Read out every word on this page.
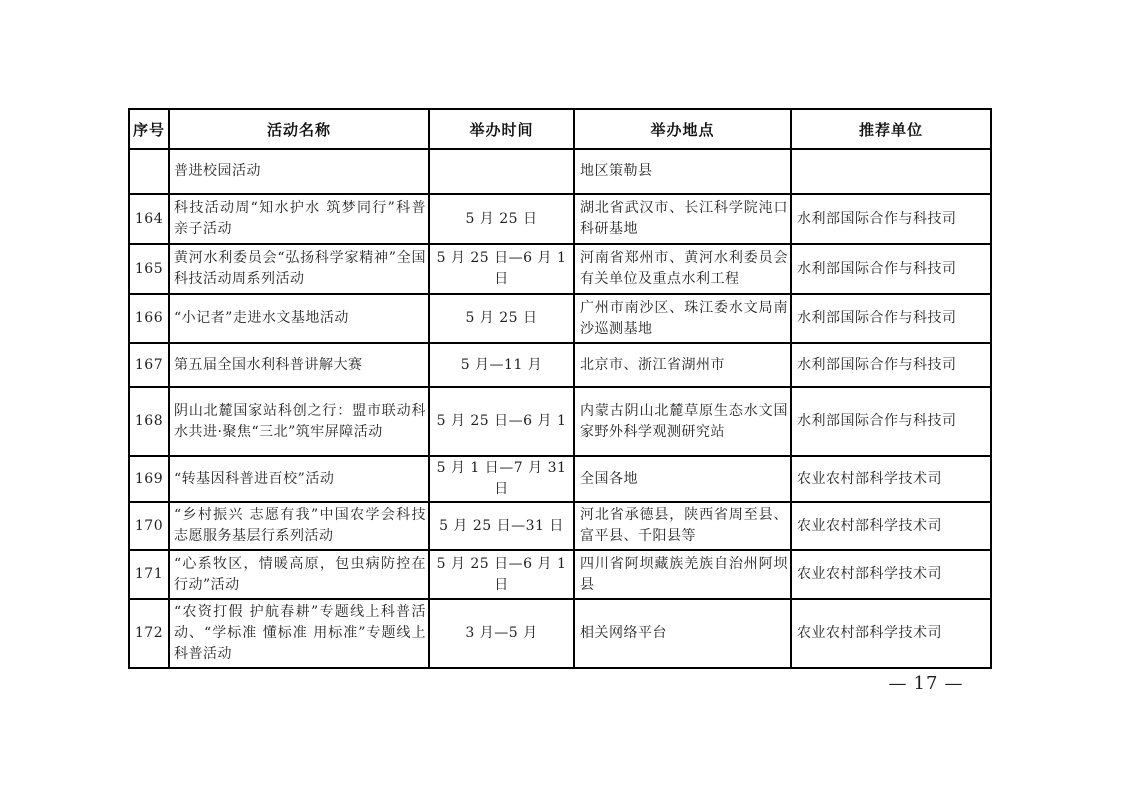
序号	活动名称	举办时间	举办地点	推荐单位
	普进校园活动		地区策勒县	
164	科技活动周“知水护水 筑梦同行”科普亲子活动	5 月 25 日	湖北省武汉市、长江科学院沌口科研基地	水利部国际合作与科技司
165	黄河水利委员会“弘扬科学家精神”全国科技活动周系列活动	5 月 25 日—6 月 1 日	河南省郑州市、黄河水利委员会有关单位及重点水利工程	水利部国际合作与科技司
166	“小记者”走进水文基地活动	5 月 25 日	广州市南沙区、珠江委水文局南沙巡测基地	水利部国际合作与科技司
167	第五届全国水利科普讲解大赛	5 月—11 月	北京市、浙江省湖州市	水利部国际合作与科技司
168	阴山北麓国家站科创之行：盟市联动科水共进·聚焦“三北”筑牢屏障活动	5 月 25 日—6 月 1	内蒙古阴山北麓草原生态水文国家野外科学观测研究站	水利部国际合作与科技司
169	“转基因科普进百校”活动	5 月 1 日—7 月 31 日	全国各地	农业农村部科学技术司
170	“乡村振兴 志愿有我”中国农学会科技志愿服务基层行系列活动	5 月 25 日—31 日	河北省承德县，陕西省周至县、富平县、千阳县等	农业农村部科学技术司
171	“心系牧区，情暖高原，包虫病防控在行动”活动	5 月 25 日—6 月 1 日	四川省阿坝藏族羌族自治州阿坝县	农业农村部科学技术司
172	“农资打假 护航春耕”专题线上科普活动、“学标准 懂标准 用标准”专题线上科普活动	3 月—5 月	相关网络平台	农业农村部科学技术司
— 17 —
